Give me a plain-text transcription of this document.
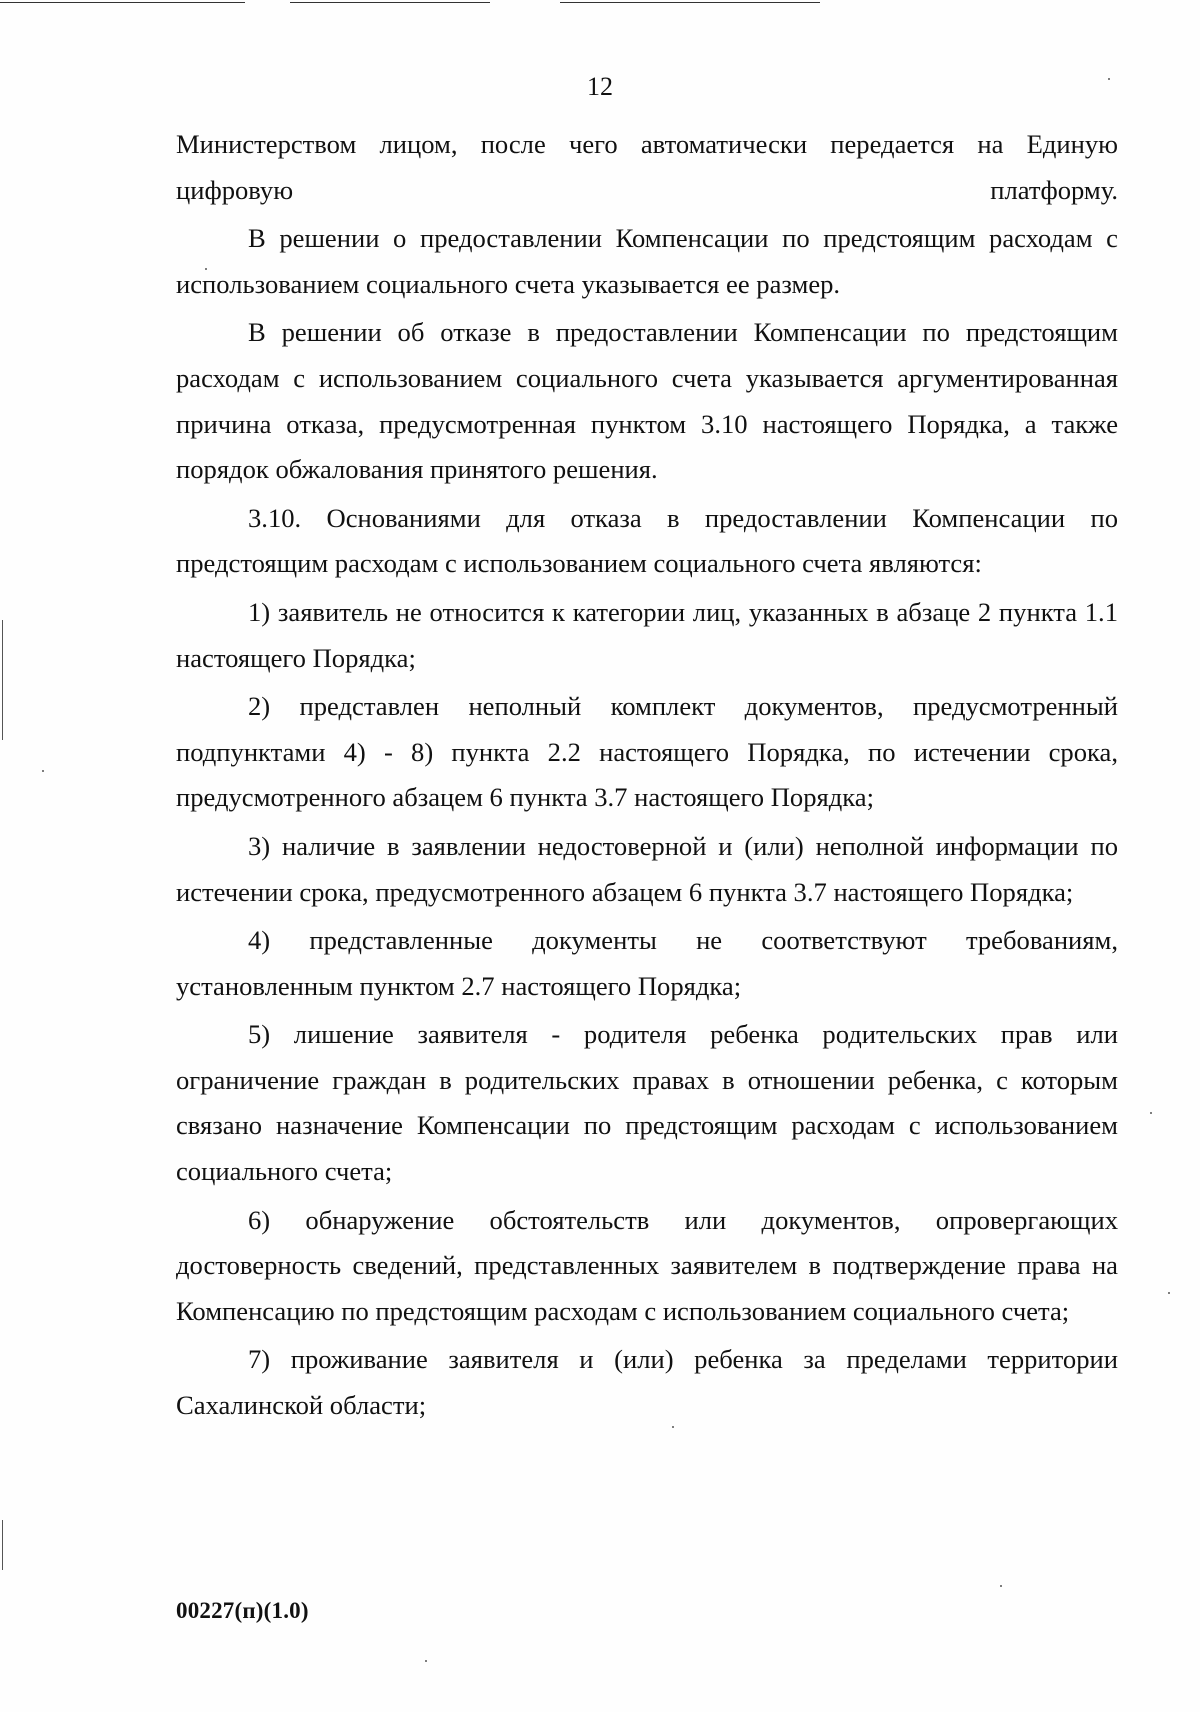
12

Министерством лицом, после чего автоматически передается на Единую цифровую платформу.

В решении о предоставлении Компенсации по предстоящим расходам с использованием социального счета указывается ее размер.

В решении об отказе в предоставлении Компенсации по предстоящим расходам с использованием социального счета указывается аргументированная причина отказа, предусмотренная пунктом 3.10 настоящего Порядка, а также порядок обжалования принятого решения.

3.10. Основаниями для отказа в предоставлении Компенсации по предстоящим расходам с использованием социального счета являются:

1) заявитель не относится к категории лиц, указанных в абзаце 2 пункта 1.1 настоящего Порядка;

2) представлен неполный комплект документов, предусмотренный подпунктами 4) - 8) пункта 2.2 настоящего Порядка, по истечении срока, предусмотренного абзацем 6 пункта 3.7 настоящего Порядка;

3) наличие в заявлении недостоверной и (или) неполной информации по истечении срока, предусмотренного абзацем 6 пункта 3.7 настоящего Порядка;

4) представленные документы не соответствуют требованиям, установленным пунктом 2.7 настоящего Порядка;

5) лишение заявителя - родителя ребенка родительских прав или ограничение граждан в родительских правах в отношении ребенка, с которым связано назначение Компенсации по предстоящим расходам с использованием социального счета;

6) обнаружение обстоятельств или документов, опровергающих достоверность сведений, представленных заявителем в подтверждение права на Компенсацию по предстоящим расходам с использованием социального счета;

7) проживание заявителя и (или) ребенка за пределами территории Сахалинской области;

00227(п)(1.0)
